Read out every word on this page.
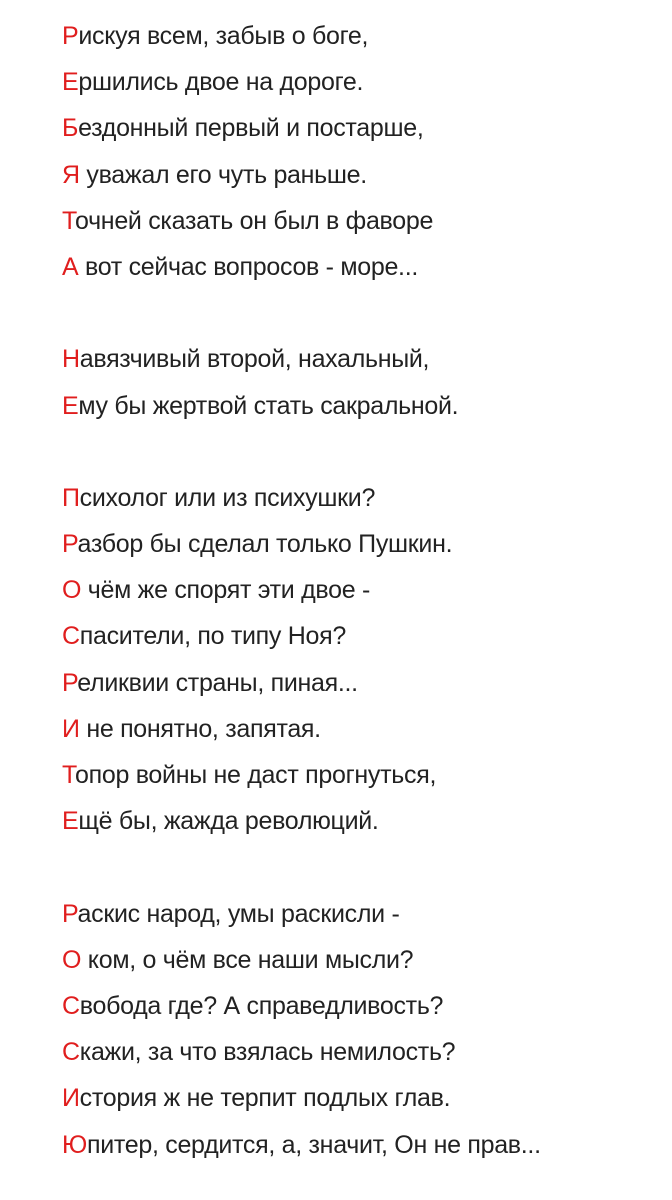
Рискуя всем, забыв о боге,
Ершились двое на дороге.
Бездонный первый и постарше,
Я уважал его чуть раньше.
Точней сказать он был в фаворе
А вот сейчас вопросов - море...
Навязчивый второй, нахальный,
Ему бы жертвой стать сакральной.
Психолог или из психушки?
Разбор бы сделал только Пушкин.
О чём же спорят эти двое -
Спасители, по типу Ноя?
Реликвии страны, пиная...
И не понятно, запятая.
Топор войны не даст прогнуться,
Ещё бы, жажда революций.
Раскис народ, умы раскисли -
О ком, о чём все наши мысли?
Свобода где? А справедливость?
Скажи, за что взялась немилость?
История ж не терпит подлых глав.
Юпитер, сердится, а, значит, Он не прав...
